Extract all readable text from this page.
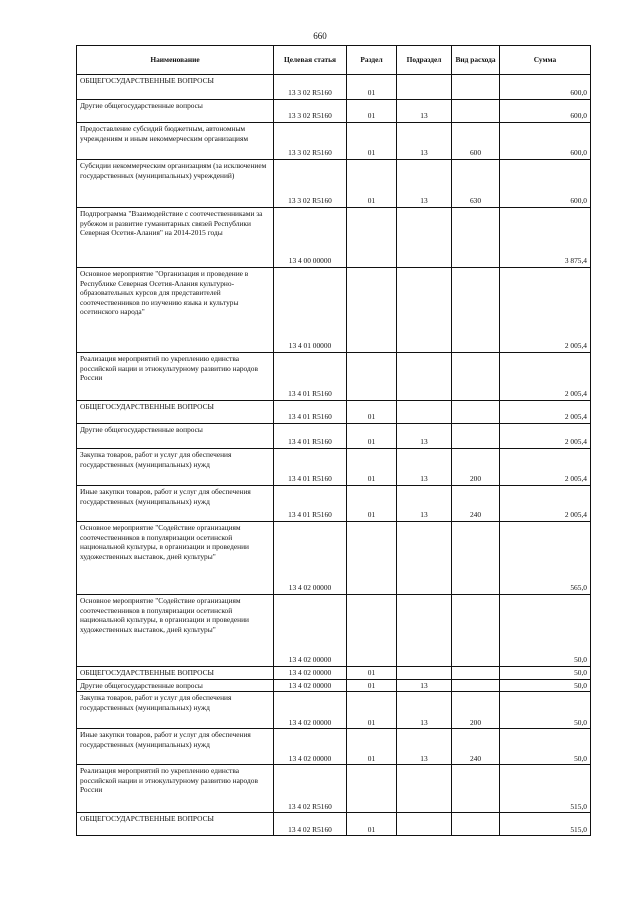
660
Наименование	Целевая статья	Раздел	Подраздел	Вид расхода	Сумма
ОБЩЕГОСУДАРСТВЕННЫЕ ВОПРОСЫ	13 3 02 R5160	01			600,0
Другие общегосударственные вопросы	13 3 02 R5160	01	13		600,0
Предоставление субсидий бюджетным, автономным учреждениям и иным некоммерческим организациям	13 3 02 R5160	01	13	600	600,0
Субсидии некоммерческим организациям (за исключением государственных (муниципальных) учреждений)	13 3 02 R5160	01	13	630	600,0
Подпрограмма "Взаимодействие с соотечественниками за рубежом и развитие гуманитарных связей Республики Северная Осетия-Алания" на 2014-2015 годы	13 4 00 00000				3 875,4
Основное мероприятие "Организация и проведение в Республике Северная Осетия-Алания культурно-образовательных курсов для представителей соотечественников по изучению языка и культуры осетинского народа"	13 4 01 00000				2 005,4
Реализация мероприятий по укреплению единства российской нации и этнокультурному развитию народов России	13 4 01 R5160				2 005,4
ОБЩЕГОСУДАРСТВЕННЫЕ ВОПРОСЫ	13 4 01 R5160	01			2 005,4
Другие общегосударственные вопросы	13 4 01 R5160	01	13		2 005,4
Закупка товаров, работ и услуг для обеспечения государственных (муниципальных) нужд	13 4 01 R5160	01	13	200	2 005,4
Иные закупки товаров, работ и услуг для обеспечения государственных (муниципальных) нужд	13 4 01 R5160	01	13	240	2 005,4
Основное мероприятие "Содействие организациям соотечественников в популяризации осетинской национальной культуры, в организации и проведении художественных выставок, дней культуры"	13 4 02 00000				565,0
Основное мероприятие "Содействие организациям соотечественников в популяризации осетинской национальной культуры, в организации и проведении художественных выставок, дней культуры"	13 4 02 00000				50,0
ОБЩЕГОСУДАРСТВЕННЫЕ ВОПРОСЫ	13 4 02 00000	01			50,0
Другие общегосударственные вопросы	13 4 02 00000	01	13		50,0
Закупка товаров, работ и услуг для обеспечения государственных (муниципальных) нужд	13 4 02 00000	01	13	200	50,0
Иные закупки товаров, работ и услуг для обеспечения государственных (муниципальных) нужд	13 4 02 00000	01	13	240	50,0
Реализация мероприятий по укреплению единства российской нации и этнокультурному развитию народов России	13 4 02 R5160				515,0
ОБЩЕГОСУДАРСТВЕННЫЕ ВОПРОСЫ	13 4 02 R5160	01			515,0
